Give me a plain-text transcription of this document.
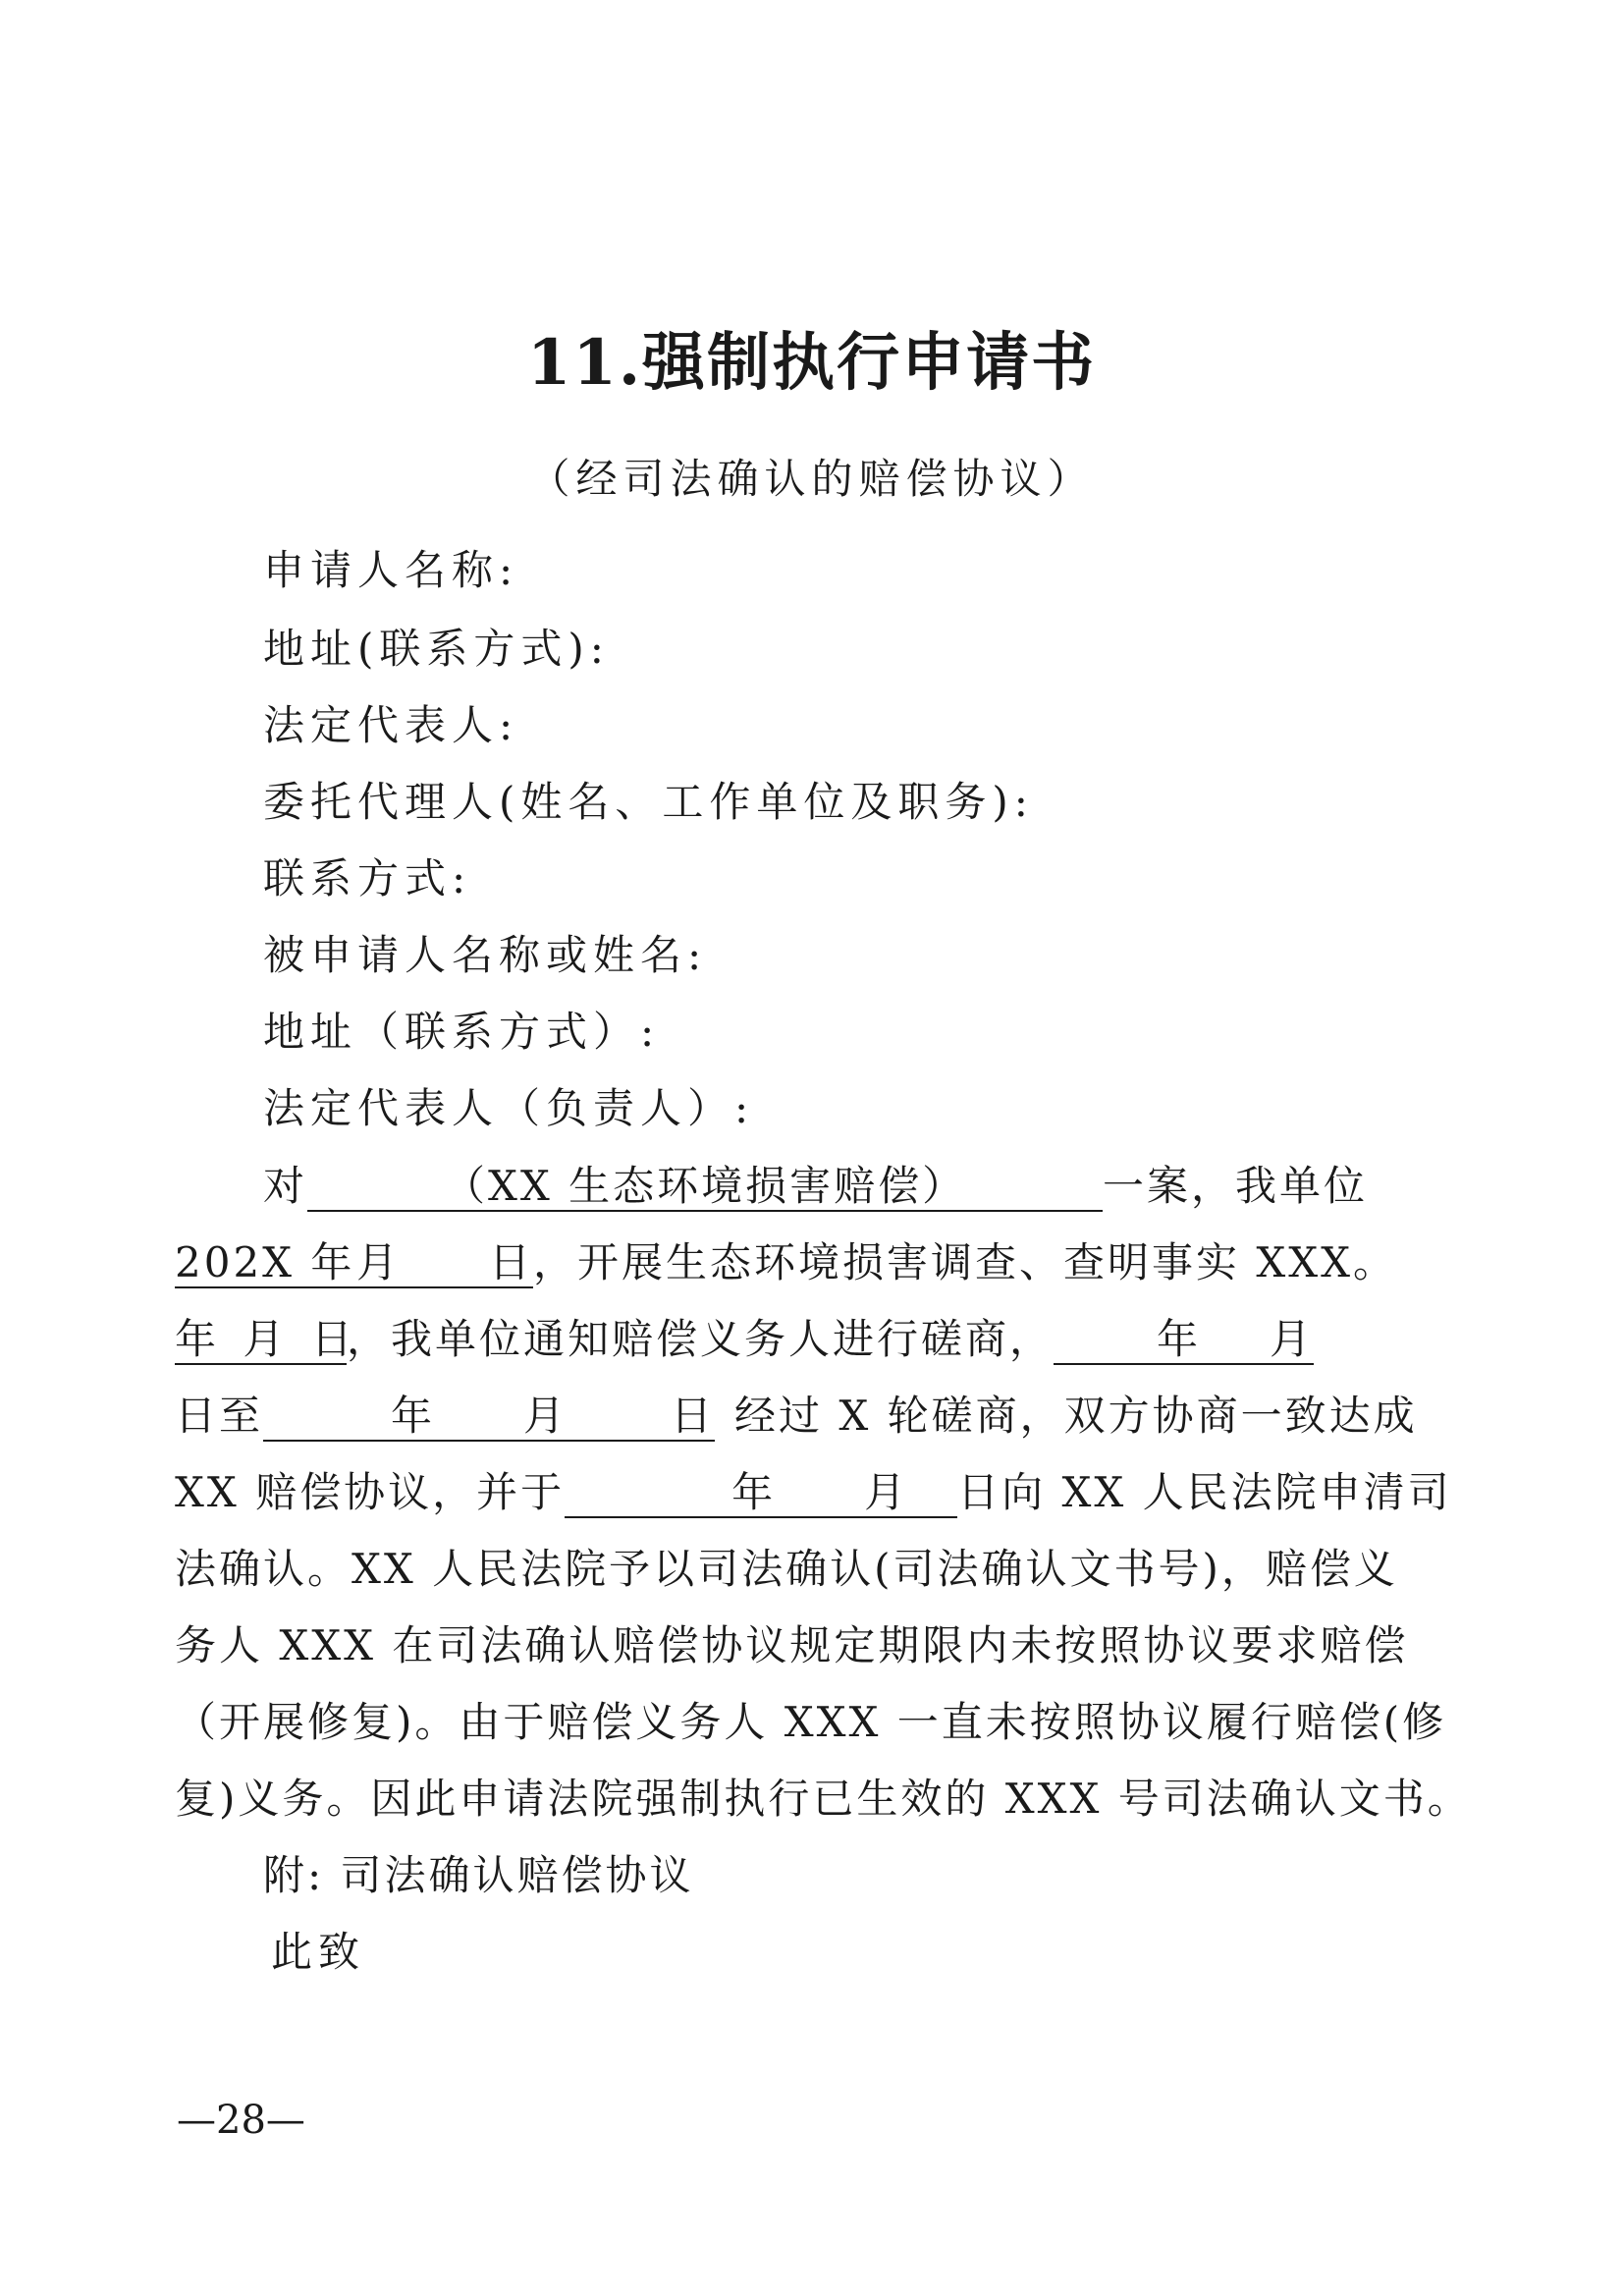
11.强制执行申请书
（经司法确认的赔偿协议）
申请人名称:
地址(联系方式):
法定代表人:
委托代理人(姓名、工作单位及职务):
联系方式:
被申请人名称或姓名:
地址（联系方式）:
法定代表人（负责人）:
对	（XX 生态环境损害赔偿）	一案，我单位
202X 年月 日，开展生态环境损害调查、查明事实 XXX。
年 月 日，我单位通知赔偿义务人进行磋商， 年 月
日至	年 月 日 经过 X 轮磋商，双方协商一致达成
XX 赔偿协议，并于	年 月 日向 XX 人民法院申清司
法确认。XX 人民法院予以司法确认(司法确认文书号)，赔偿义
务人 XXX 在司法确认赔偿协议规定期限内未按照协议要求赔偿
（开展修复)。由于赔偿义务人 XXX 一直未按照协议履行赔偿(修
复)义务。因此申请法院强制执行已生效的 XXX 号司法确认文书。
附: 司法确认赔偿协议
此致
—28—
